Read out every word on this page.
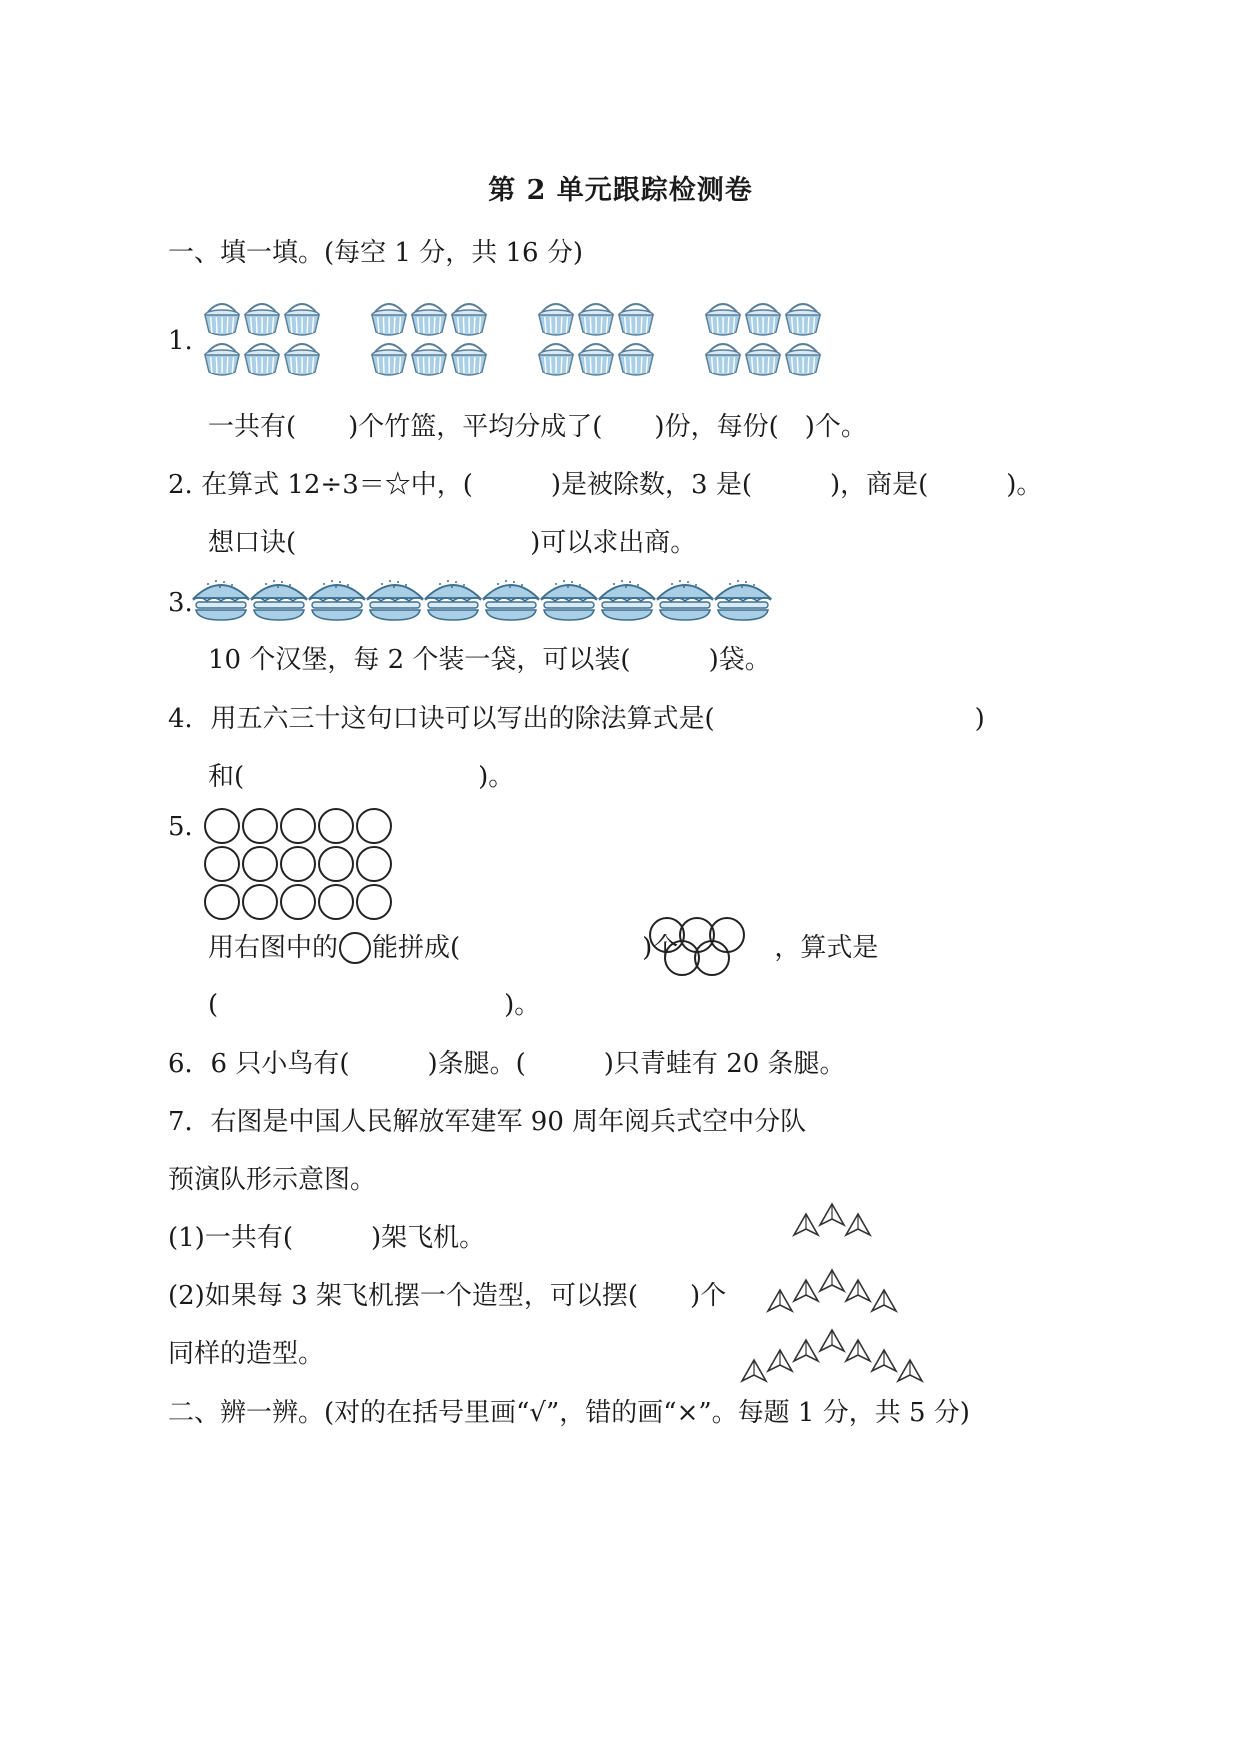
第 2 单元跟踪检测卷
一、填一填。(每空 1 分，共 16 分)
1.
一共有(　　)个竹篮，平均分成了(　　)份，每份(　)个。
2. 在算式 12÷3＝☆中，(　　　)是被除数，3 是(　　　)，商是(　　　)。
想口诀(　　　　　　　　　)可以求出商。
3.
10 个汉堡，每 2 个装一袋，可以装(　　　)袋。
4．用五六三十这句口诀可以写出的除法算式是(　　　　　　　　　　)
和(　　　　　　　　　)。
5．
用右图中的 能拼成(　　　　　　　)个	，算式是
(　　　　　　　　　　　)。
6．6 只小鸟有(　　　)条腿。(　　　)只青蛙有 20 条腿。
7．右图是中国人民解放军建军 90 周年阅兵式空中分队
预演队形示意图。
(1)一共有(　　　)架飞机。
(2)如果每 3 架飞机摆一个造型，可以摆(　　)个
同样的造型。
二、辨一辨。(对的在括号里画“√”，错的画“×”。每题 1 分，共 5 分)
